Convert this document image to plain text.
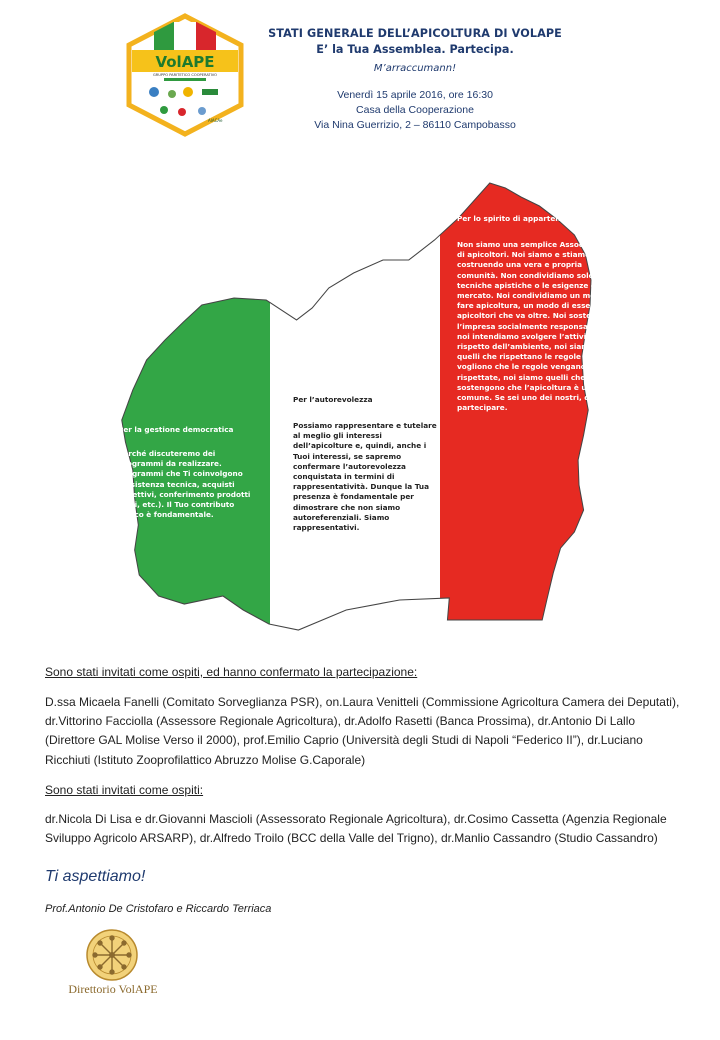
VolAPE
GRUPPO PARITETICO COOPERATIVO
AIACAe
STATI GENERALE DELL’APICOLTURA DI VOLAPE
E’ la Tua Assemblea. Partecipa.
M’arraccumann!
Venerdì 15 aprile 2016, ore 16:30
Casa della Cooperazione
Via Nina Guerrizio, 2 – 86110 Campobasso
Per la gestione democratica
Perché discuteremo dei programmi da realizzare. Programmi che Ti coinvolgono (assistenza tecnica, acquisti collettivi, conferimento prodotti finiti, etc.). Il Tuo contributo critico è fondamentale.
Per l’autorevolezza
Possiamo rappresentare e tutelare al meglio gli interessi dell’apicolture e, quindi, anche i Tuoi interessi, se sapremo confermare l’autorevolezza conquistata in termini di rappresentatività. Dunque la Tua presenza è fondamentale per dimostrare che non siamo autoreferenziali. Siamo rappresentativi.
Per lo spirito di appartenenza
Non siamo una semplice Associazione di apicoltori. Noi siamo e stiamo costruendo una vera e propria comunità. Non condividiamo solo le tecniche apistiche o le esigenze di mercato. Noi condividiamo un modo di fare apicoltura, un modo di essere apicoltori che va oltre. Noi sosteniamo l’impresa socialmente responsabile, noi intendiamo svolgere l’attività nel rispetto dell’ambiente, noi siamo quelli che rispettano le regole e vogliono che le regole vengano rispettate, noi siamo quelli che sostengono che l’apicoltura è un bene comune. Se sei uno dei nostri, devi partecipare.
Sono stati invitati come ospiti, ed hanno confermato la partecipazione:
D.ssa Micaela Fanelli (Comitato Sorveglianza PSR), on.Laura Venitteli (Commissione Agricoltura Camera dei Deputati), dr.Vittorino Facciolla (Assessore Regionale Agricoltura), dr.Adolfo Rasetti (Banca Prossima), dr.Antonio Di Lallo (Direttore GAL Molise Verso il 2000), prof.Emilio Caprio (Università degli Studi di Napoli “Federico II”), dr.Luciano Ricchiuti (Istituto Zooprofilattico Abruzzo Molise G.Caporale)
Sono stati invitati come ospiti:
dr.Nicola Di Lisa e dr.Giovanni Mascioli (Assessorato Regionale Agricoltura), dr.Cosimo Cassetta (Agenzia Regionale Sviluppo Agricolo ARSARP), dr.Alfredo Troilo (BCC della Valle del Trigno), dr.Manlio Cassandro (Studio Cassandro)
Ti aspettiamo!
Prof.Antonio De Cristofaro e Riccardo Terriaca
Direttorio VolAPE
